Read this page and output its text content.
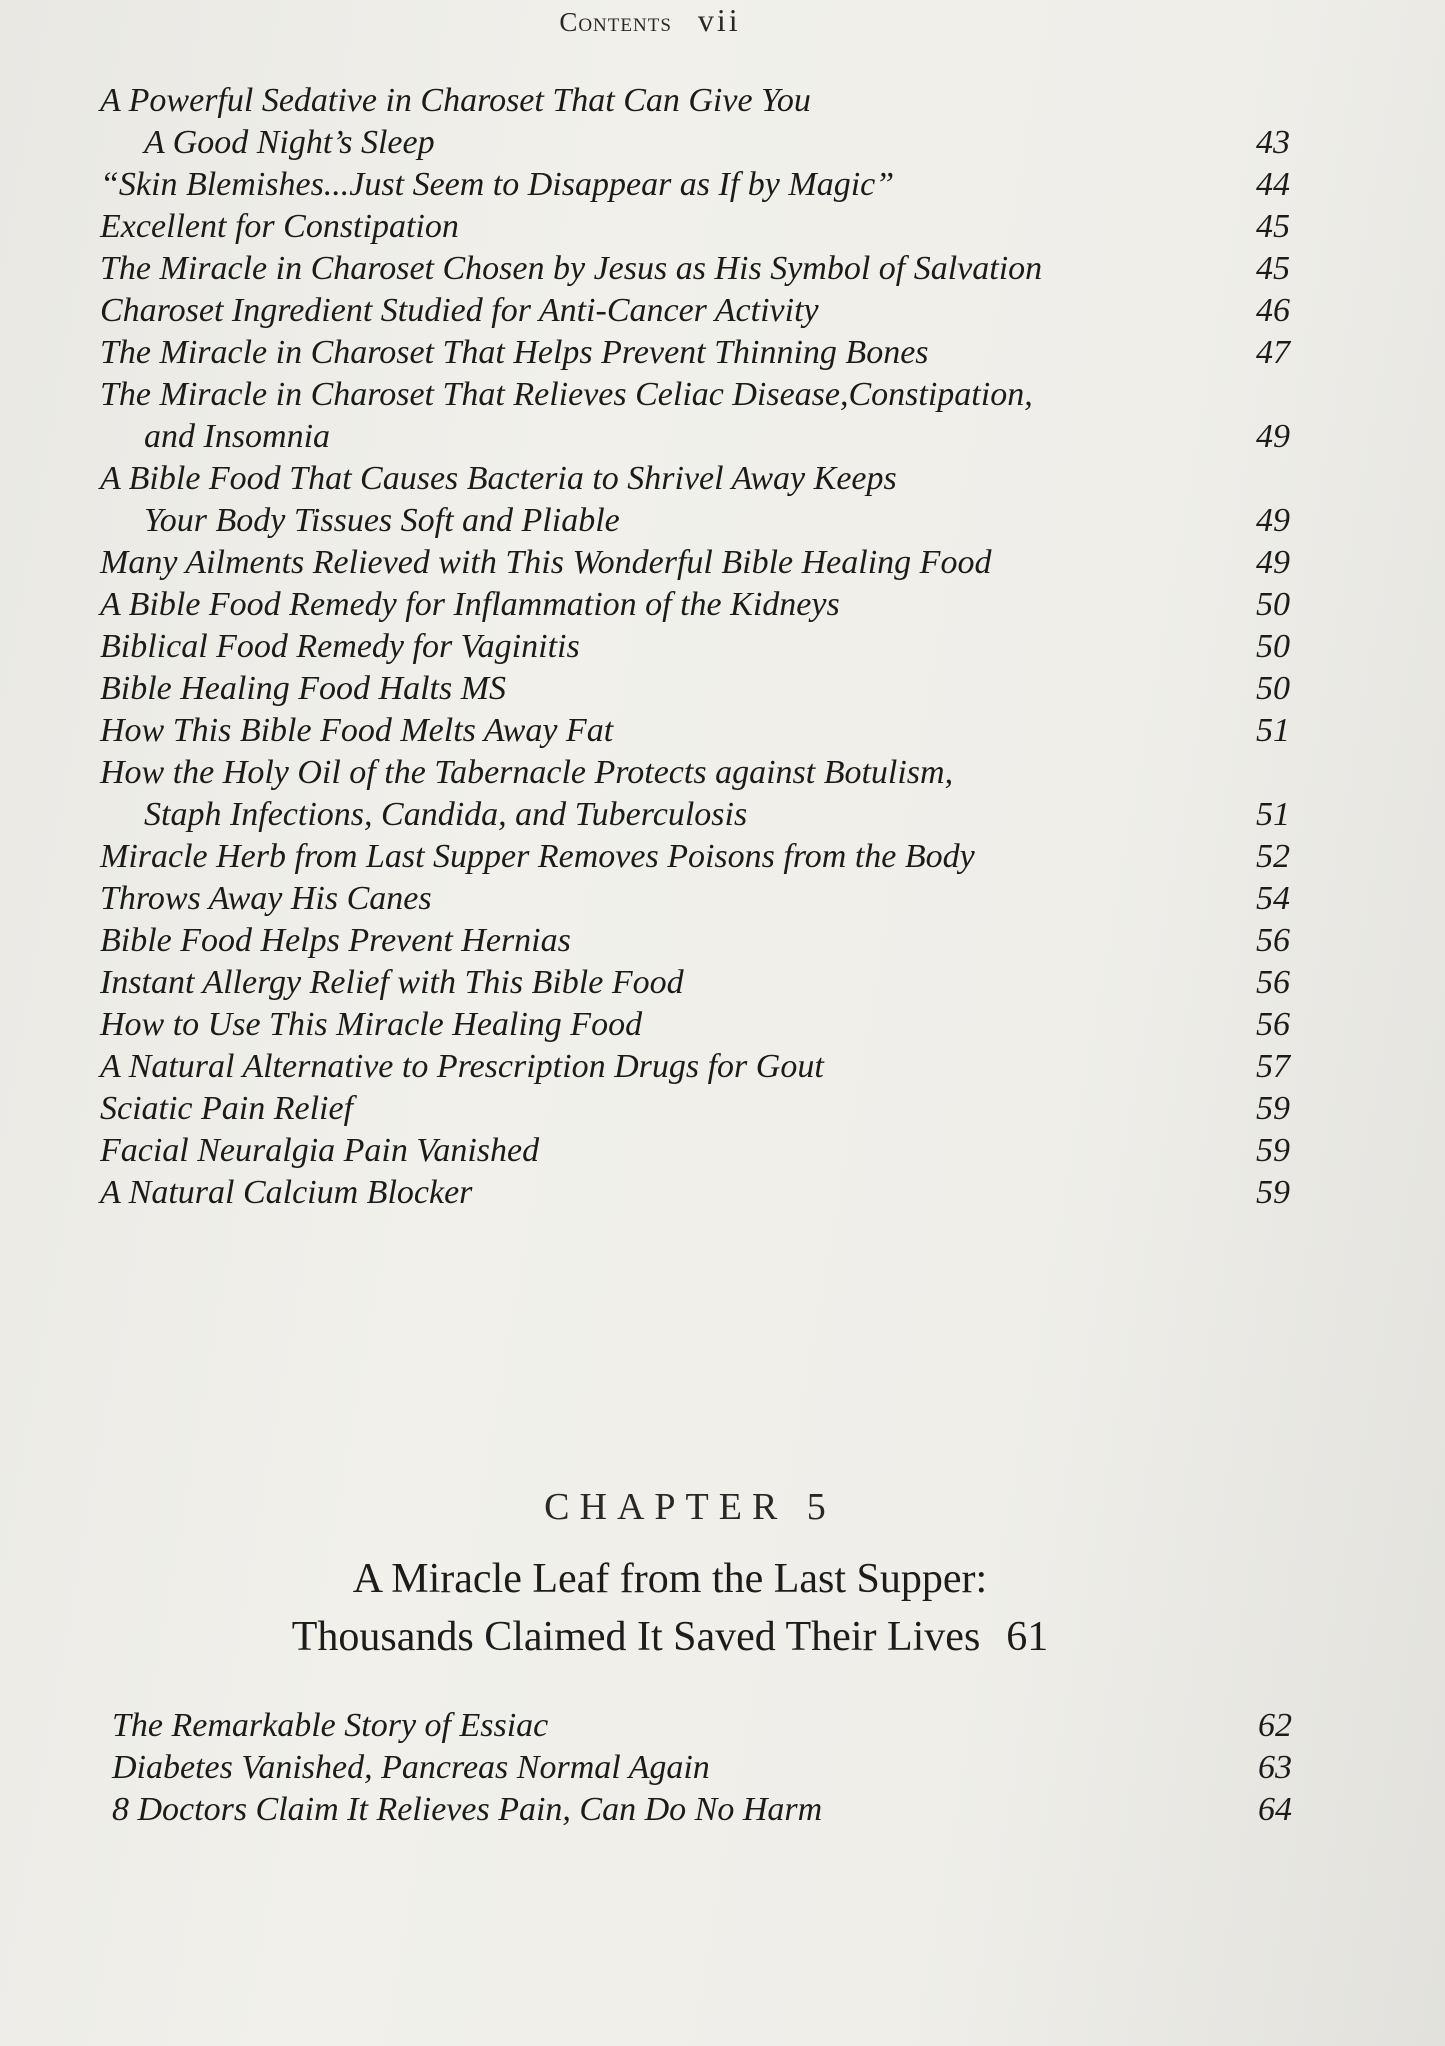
Contents vii
A Powerful Sedative in Charoset That Can Give You
A Good Night’s Sleep	43
“Skin Blemishes...Just Seem to Disappear as If by Magic”	44
Excellent for Constipation	45
The Miracle in Charoset Chosen by Jesus as His Symbol of Salvation	45
Charoset Ingredient Studied for Anti-Cancer Activity	46
The Miracle in Charoset That Helps Prevent Thinning Bones	47
The Miracle in Charoset That Relieves Celiac Disease,Constipation,
and Insomnia	49
A Bible Food That Causes Bacteria to Shrivel Away Keeps
Your Body Tissues Soft and Pliable	49
Many Ailments Relieved with This Wonderful Bible Healing Food	49
A Bible Food Remedy for Inflammation of the Kidneys	50
Biblical Food Remedy for Vaginitis	50
Bible Healing Food Halts MS	50
How This Bible Food Melts Away Fat	51
How the Holy Oil of the Tabernacle Protects against Botulism,
Staph Infections, Candida, and Tuberculosis	51
Miracle Herb from Last Supper Removes Poisons from the Body	52
Throws Away His Canes	54
Bible Food Helps Prevent Hernias	56
Instant Allergy Relief with This Bible Food	56
How to Use This Miracle Healing Food	56
A Natural Alternative to Prescription Drugs for Gout	57
Sciatic Pain Relief	59
Facial Neuralgia Pain Vanished	59
A Natural Calcium Blocker	59
CHAPTER 5
A Miracle Leaf from the Last Supper:
Thousands Claimed It Saved Their Lives 61
The Remarkable Story of Essiac	62
Diabetes Vanished, Pancreas Normal Again	63
8 Doctors Claim It Relieves Pain, Can Do No Harm	64
